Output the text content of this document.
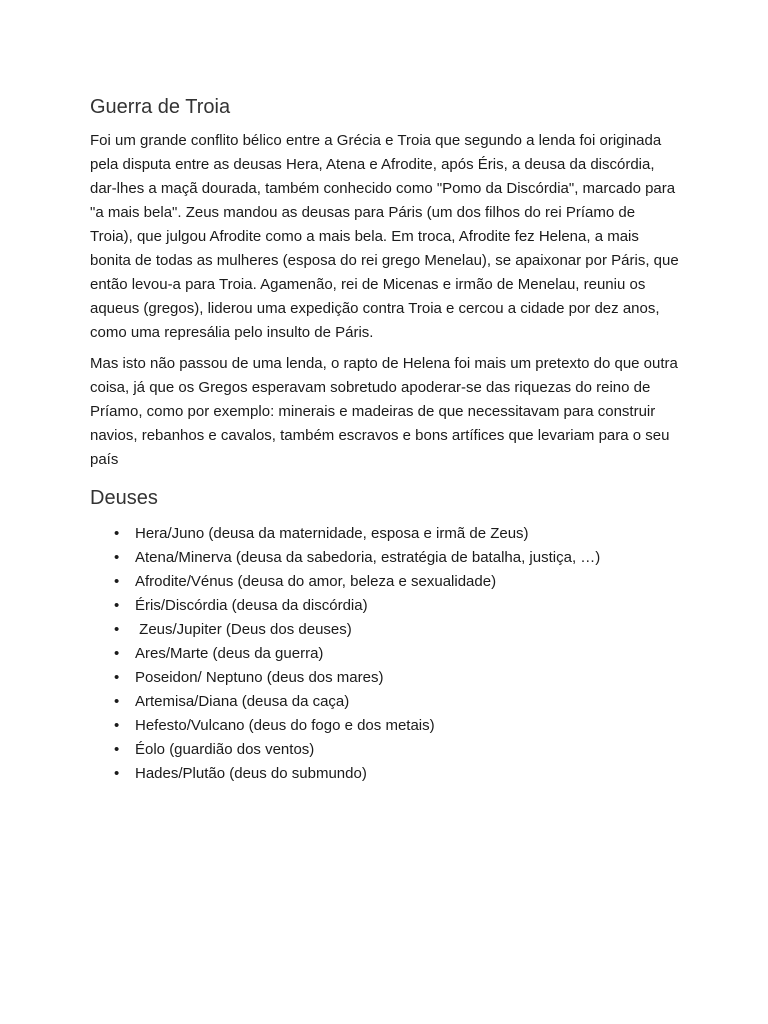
Guerra de Troia

Foi um grande conflito bélico entre a Grécia e Troia que segundo a lenda foi originada pela disputa entre as deusas Hera, Atena e Afrodite, após Éris, a deusa da discórdia, dar-lhes a maçã dourada, também conhecido como "Pomo da Discórdia", marcado para "a mais bela". Zeus mandou as deusas para Páris (um dos filhos do rei Príamo de Troia), que julgou Afrodite como a mais bela. Em troca, Afrodite fez Helena, a mais bonita de todas as mulheres (esposa do rei grego Menelau), se apaixonar por Páris, que então levou-a para Troia. Agamenão, rei de Micenas e irmão de Menelau, reuniu os aqueus (gregos), liderou uma expedição contra Troia e cercou a cidade por dez anos, como uma represália pelo insulto de Páris.

Mas isto não passou de uma lenda, o rapto de Helena foi mais um pretexto do que outra coisa, já que os Gregos esperavam sobretudo apoderar-se das riquezas do reino de Príamo, como por exemplo: minerais e madeiras de que necessitavam para construir navios, rebanhos e cavalos, também escravos e bons artífices que levariam para o seu país

Deuses
• Hera/Juno (deusa da maternidade, esposa e irmã de Zeus)
• Atena/Minerva (deusa da sabedoria, estratégia de batalha, justiça, …)
• Afrodite/Vénus (deusa do amor, beleza e sexualidade)
• Éris/Discórdia (deusa da discórdia)
• Zeus/Jupiter (Deus dos deuses)
• Ares/Marte (deus da guerra)
• Poseidon/ Neptuno (deus dos mares)
• Artemisa/Diana (deusa da caça)
• Hefesto/Vulcano (deus do fogo e dos metais)
• Éolo (guardião dos ventos)
• Hades/Plutão (deus do submundo)
